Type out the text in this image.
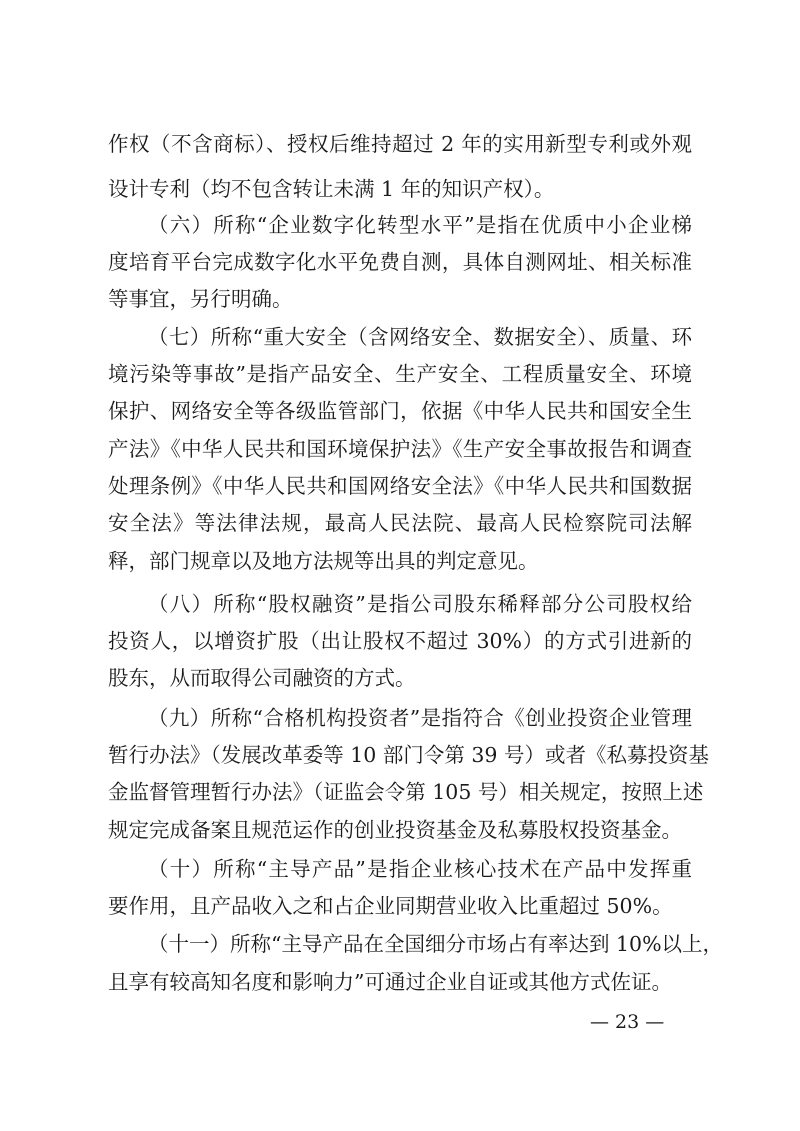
作权（不含商标）、授权后维持超过 2 年的实用新型专利或外观
设计专利（均不包含转让未满 1 年的知识产权）。
（六）所称“企业数字化转型水平”是指在优质中小企业梯
度培育平台完成数字化水平免费自测，具体自测网址、相关标准
等事宜，另行明确。
（七）所称“重大安全（含网络安全、数据安全）、质量、环
境污染等事故”是指产品安全、生产安全、工程质量安全、环境
保护、网络安全等各级监管部门，依据《中华人民共和国安全生
产法》《中华人民共和国环境保护法》《生产安全事故报告和调查
处理条例》《中华人民共和国网络安全法》《中华人民共和国数据
安全法》等法律法规，最高人民法院、最高人民检察院司法解
释，部门规章以及地方法规等出具的判定意见。
（八）所称“股权融资”是指公司股东稀释部分公司股权给
投资人，以增资扩股（出让股权不超过 30%）的方式引进新的
股东，从而取得公司融资的方式。
（九）所称“合格机构投资者”是指符合《创业投资企业管理
暂行办法》（发展改革委等 10 部门令第 39 号）或者《私募投资基
金监督管理暂行办法》（证监会令第 105 号）相关规定，按照上述
规定完成备案且规范运作的创业投资基金及私募股权投资基金。
（十）所称“主导产品”是指企业核心技术在产品中发挥重
要作用，且产品收入之和占企业同期营业收入比重超过 50%。
（十一）所称“主导产品在全国细分市场占有率达到 10%以上，
且享有较高知名度和影响力”可通过企业自证或其他方式佐证。
— 23 —
